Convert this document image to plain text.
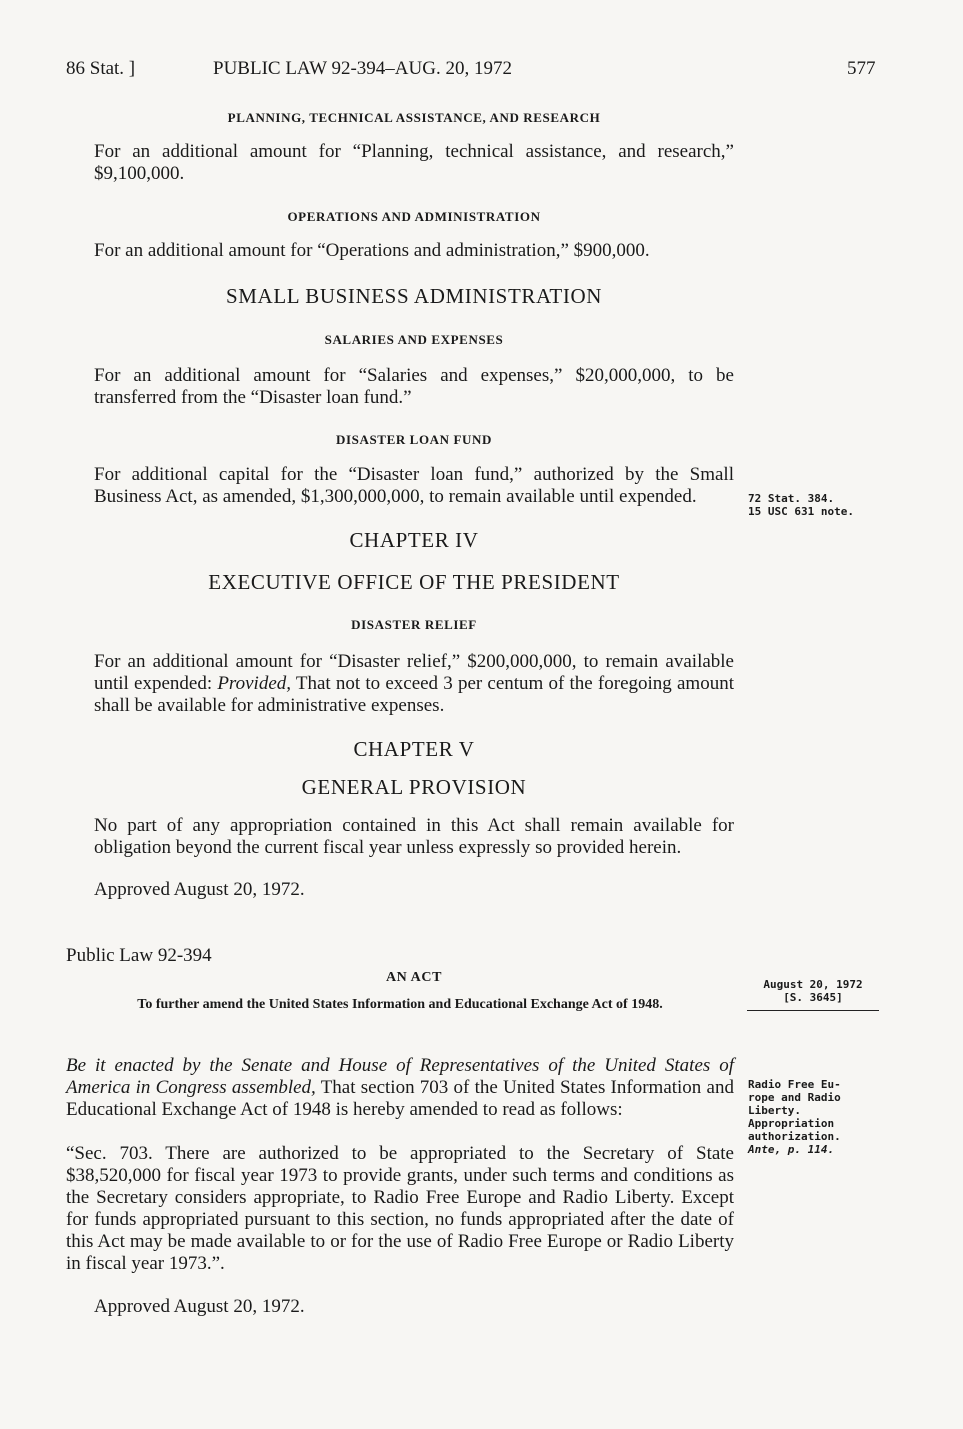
86 Stat. ]	PUBLIC LAW 92-394–AUG. 20, 1972	577
PLANNING, TECHNICAL ASSISTANCE, AND RESEARCH
For an additional amount for “Planning, technical assistance, and research,” $9,100,000.
OPERATIONS AND ADMINISTRATION
For an additional amount for “Operations and administration,” $900,000.
SMALL BUSINESS ADMINISTRATION
SALARIES AND EXPENSES
For an additional amount for “Salaries and expenses,” $20,000,000, to be transferred from the “Disaster loan fund.”
DISASTER LOAN FUND
For additional capital for the “Disaster loan fund,” authorized by the Small Business Act, as amended, $1,300,000,000, to remain available until expended.
CHAPTER IV
EXECUTIVE OFFICE OF THE PRESIDENT
DISASTER RELIEF
For an additional amount for “Disaster relief,” $200,000,000, to remain available until expended: Provided, That not to exceed 3 per centum of the foregoing amount shall be available for administrative expenses.
CHAPTER V
GENERAL PROVISION
No part of any appropriation contained in this Act shall remain available for obligation beyond the current fiscal year unless expressly so provided herein.
Approved August 20, 1972.
Public Law 92-394
AN ACT
To further amend the United States Information and Educational Exchange Act of 1948.
Be it enacted by the Senate and House of Representatives of the United States of America in Congress assembled, That section 703 of the United States Information and Educational Exchange Act of 1948 is hereby amended to read as follows:
“Sec. 703. There are authorized to be appropriated to the Secretary of State $38,520,000 for fiscal year 1973 to provide grants, under such terms and conditions as the Secretary considers appropriate, to Radio Free Europe and Radio Liberty. Except for funds appropriated pursuant to this section, no funds appropriated after the date of this Act may be made available to or for the use of Radio Free Europe or Radio Liberty in fiscal year 1973.”.
Approved August 20, 1972.
72 Stat. 384.
15 USC 631 note.
August 20, 1972
[S. 3645]
Radio Free Eu-
rope and Radio
Liberty.
Appropriation
authorization.
Ante, p. 114.
